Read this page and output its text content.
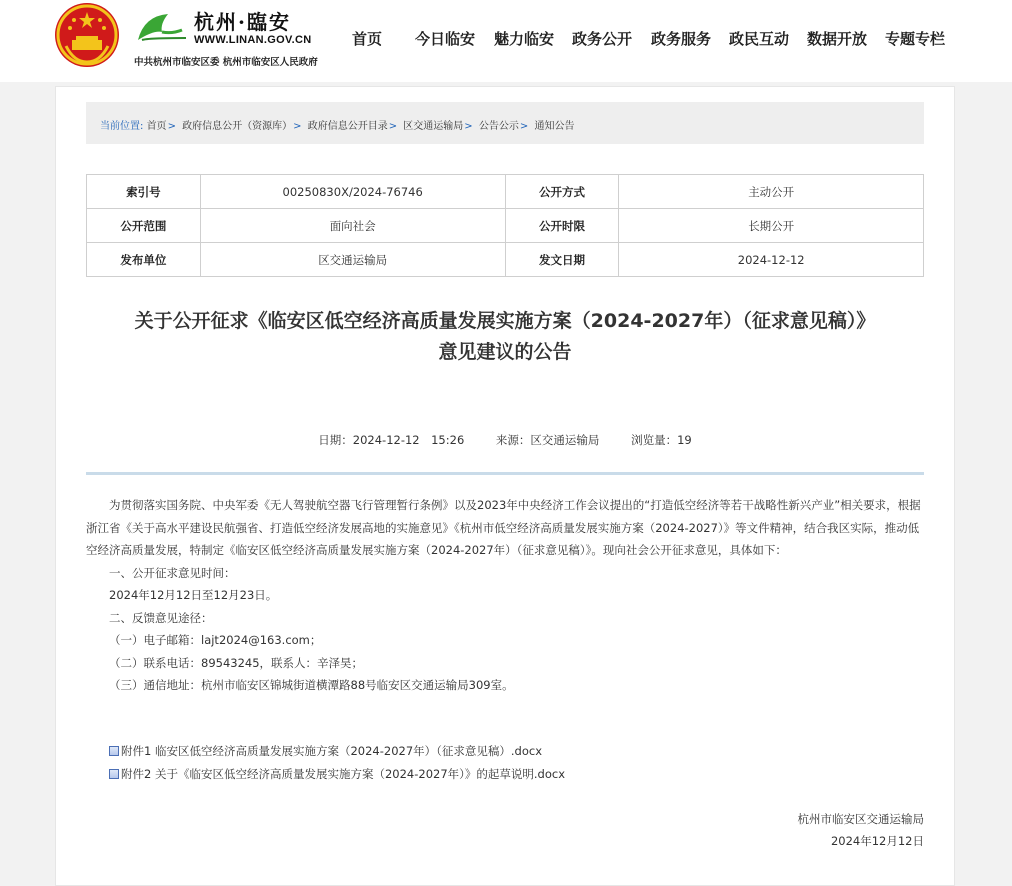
杭州·臨安
WWW.LINAN.GOV.CN
中共杭州市临安区委 杭州市临安区人民政府
首页 今日临安 魅力临安 政务公开 政务服务 政民互动 数据开放 专题专栏
当前位置: 首页> 政府信息公开（资源库）> 政府信息公开目录> 区交通运输局> 公告公示> 通知公告
索引号	00250830X/2024-76746	公开方式	主动公开
公开范围	面向社会	公开时限	长期公开
发布单位	区交通运输局	发文日期	2024-12-12
关于公开征求《临安区低空经济高质量发展实施方案（2024-2027年）（征求意见稿）》
意见建议的公告
日期：2024-12-12　15:26	来源：区交通运输局	浏览量：19

为贯彻落实国务院、中央军委《无人驾驶航空器飞行管理暂行条例》以及2023年中央经济工作会议提出的“打造低空经济等若干战略性新兴产业”相关要求，根据浙江省《关于高水平建设民航强省、打造低空经济发展高地的实施意见》《杭州市低空经济高质量发展实施方案（2024-2027）》等文件精神，结合我区实际，推动低空经济高质量发展，特制定《临安区低空经济高质量发展实施方案（2024-2027年）（征求意见稿）》。现向社会公开征求意见，具体如下：

一、公开征求意见时间：

2024年12月12日至12月23日。

二、反馈意见途径：

（一）电子邮箱：lajt2024@163.com；

（二）联系电话：89543245，联系人：辛泽昊；

（三）通信地址：杭州市临安区锦城街道横潭路88号临安区交通运输局309室。

附件1 临安区低空经济高质量发展实施方案（2024-2027年）（征求意见稿）.docx
附件2 关于《临安区低空经济高质量发展实施方案（2024-2027年）》的起草说明.docx
杭州市临安区交通运输局
2024年12月12日
